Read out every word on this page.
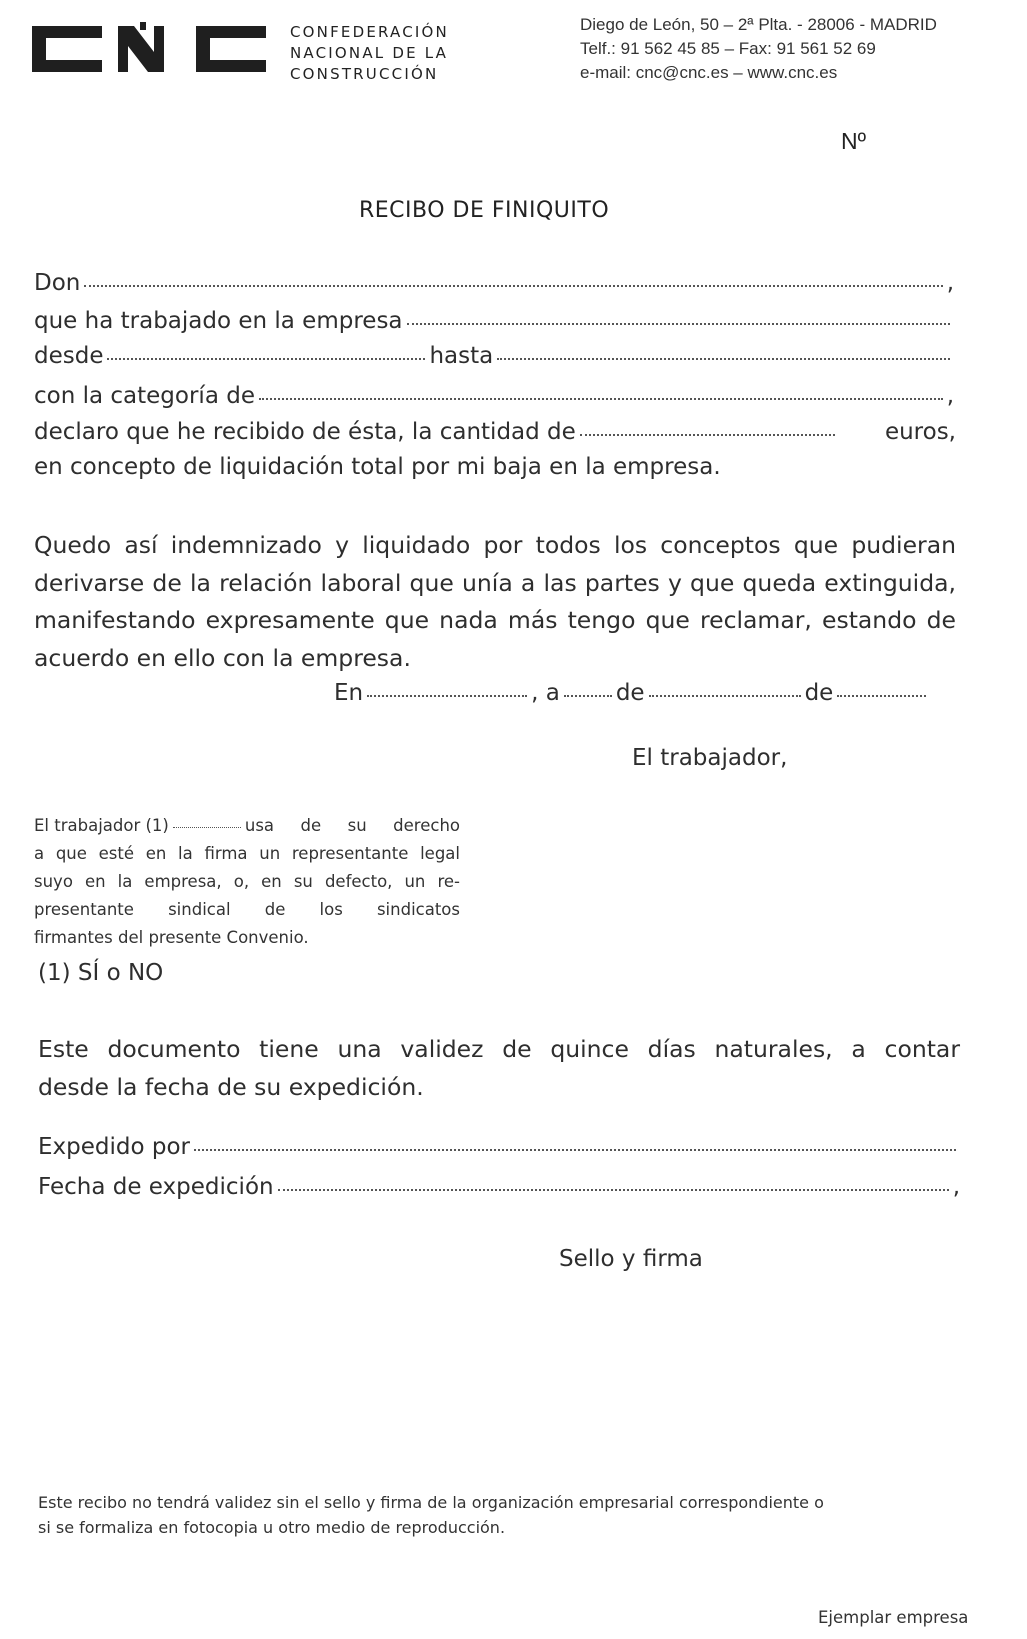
CONFEDERACIÓN
NACIONAL DE LA
CONSTRUCCIÓN
Diego de León, 50 – 2ª Plta. - 28006 - MADRID
Telf.: 91 562 45 85 – Fax: 91 561 52 69
e-mail: cnc@cnc.es – www.cnc.es
Nº
RECIBO DE FINIQUITO
Don	,
que ha trabajado en la empresa
desde	hasta
con la categoría de	,
declaro que he recibido de ésta, la cantidad de	euros,
en concepto de liquidación total por mi baja en la empresa.
Quedo así indemnizado y liquidado por todos los conceptos que pudieran
derivarse de la relación laboral que unía a las partes y que queda extinguida,
manifestando expresamente que nada más tengo que reclamar, estando de
acuerdo en ello con la empresa.
En	, a de	de
El trabajador,
El trabajador (1)	usa de su derecho
a que esté en la firma un representante legal
suyo en la empresa, o, en su defecto, un re-
presentante sindical de los sindicatos
firmantes del presente Convenio.
(1) SÍ o NO
Este documento tiene una validez de quince días naturales, a contar
desde la fecha de su expedición.
Expedido por
Fecha de expedición	,
Sello y firma
Este recibo no tendrá validez sin el sello y firma de la organización empresarial correspondiente o
si se formaliza en fotocopia u otro medio de reproducción.
Ejemplar empresa
